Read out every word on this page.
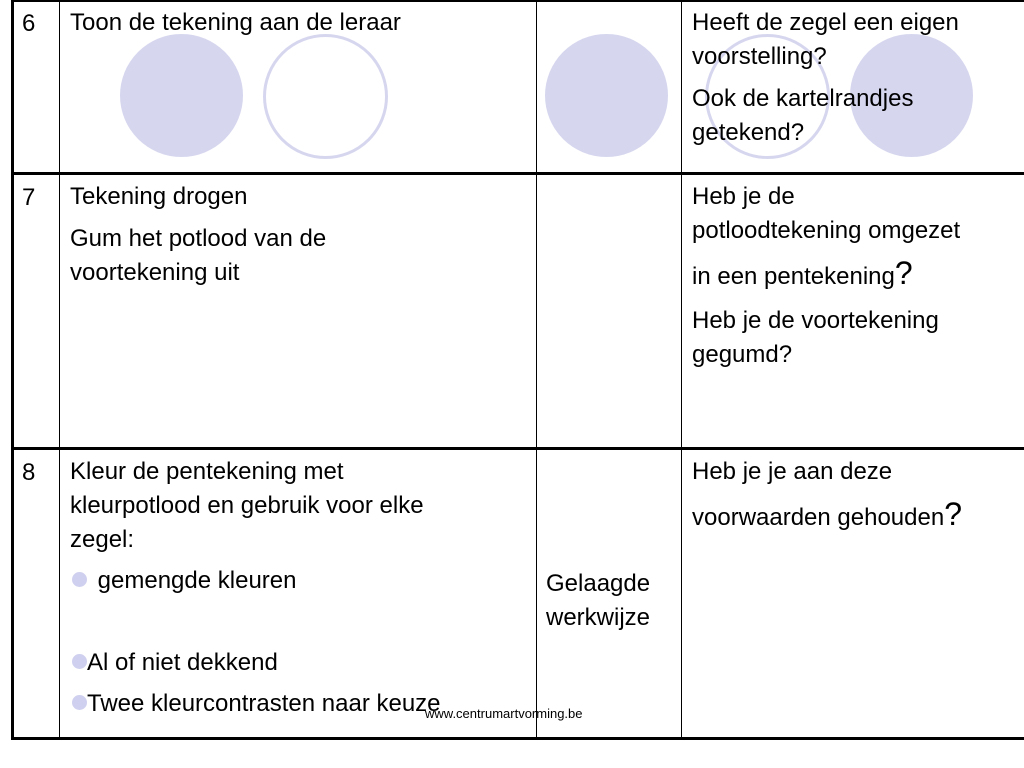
6 Toon de tekening aan de leraar	Heeft de zegel een eigen
voorstelling?
Ook de kartelrandjes
getekend?
7 Tekening drogen
Gum het potlood van de
voortekening uit
Heb je de
potloodtekening omgezet
in een pentekening?
Heb je de voortekening
gegumd?
8 Kleur de pentekening met
kleurpotlood en gebruik voor elke
zegel:
gemengde kleuren
Al of niet dekkend
Twee kleurcontrasten naar keuze
Gelaagde
werkwijze
Heb je je aan deze
voorwaarden gehouden?
www.centrumartvorming.be
